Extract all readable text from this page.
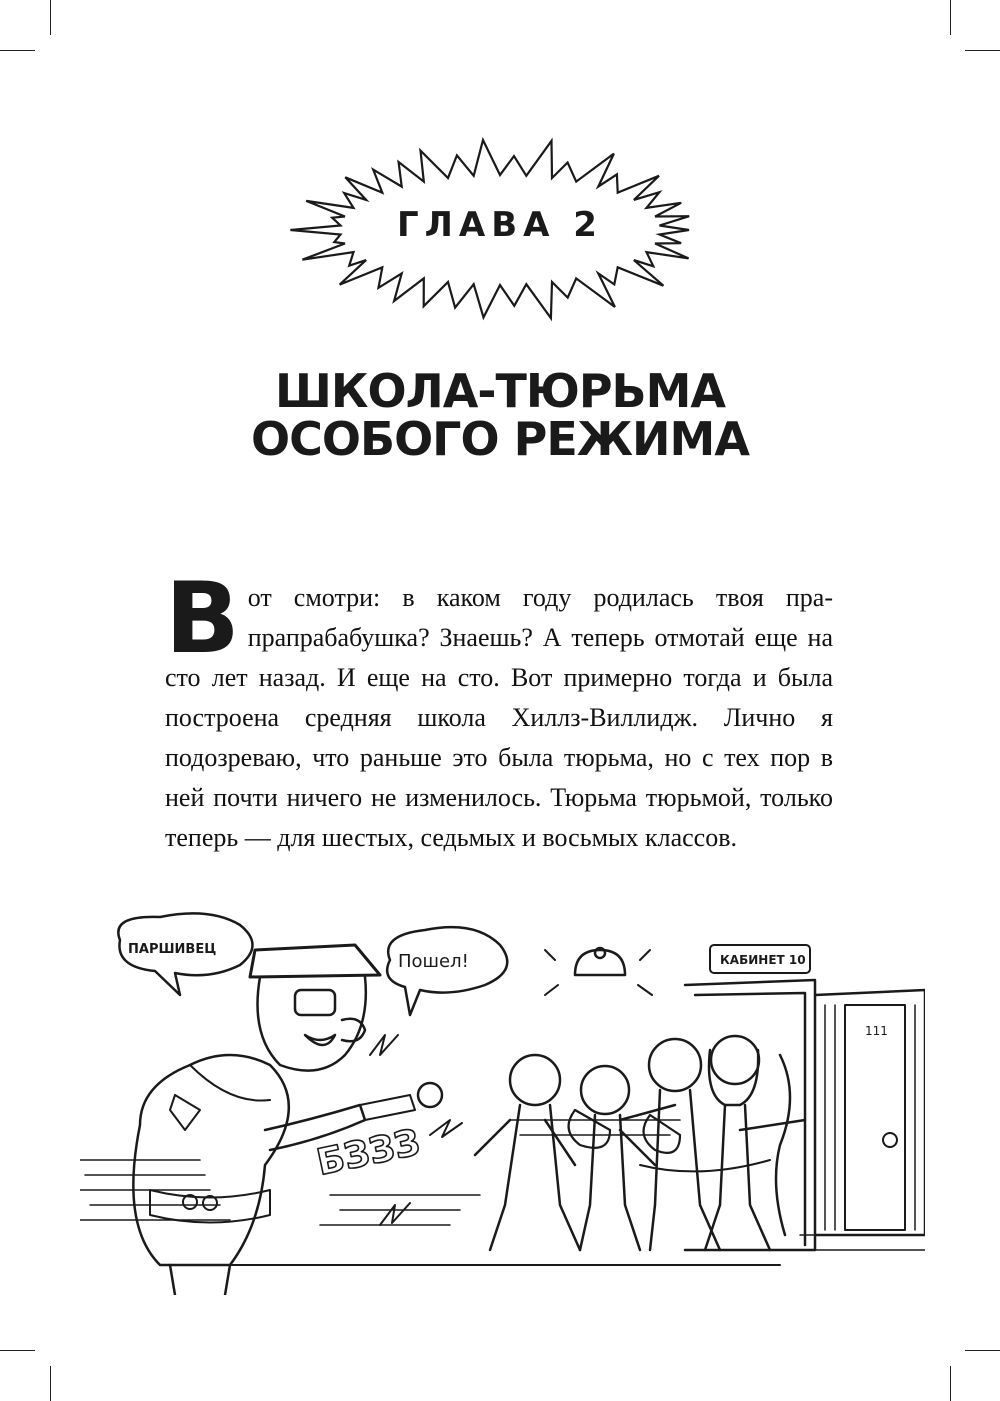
ГЛАВА 2
ШКОЛА-ТЮРЬМА
ОСОБОГО РЕЖИМА
Вот смотри: в каком году родилась твоя прапрапрабабушка? Знаешь? А теперь отмотай еще на сто лет назад. И еще на сто. Вот примерно тогда и была построена средняя школа Хиллз-Виллидж. Лично я подозреваю, что раньше это была тюрьма, но с тех пор в ней почти ничего не изменилось. Тюрьма тюрьмой, только теперь — для шестых, седьмых и восьмых классов.
ПАРШИВЕЦ
Пошел!
БЗЗЗ
КАБИНЕТ 10
111
